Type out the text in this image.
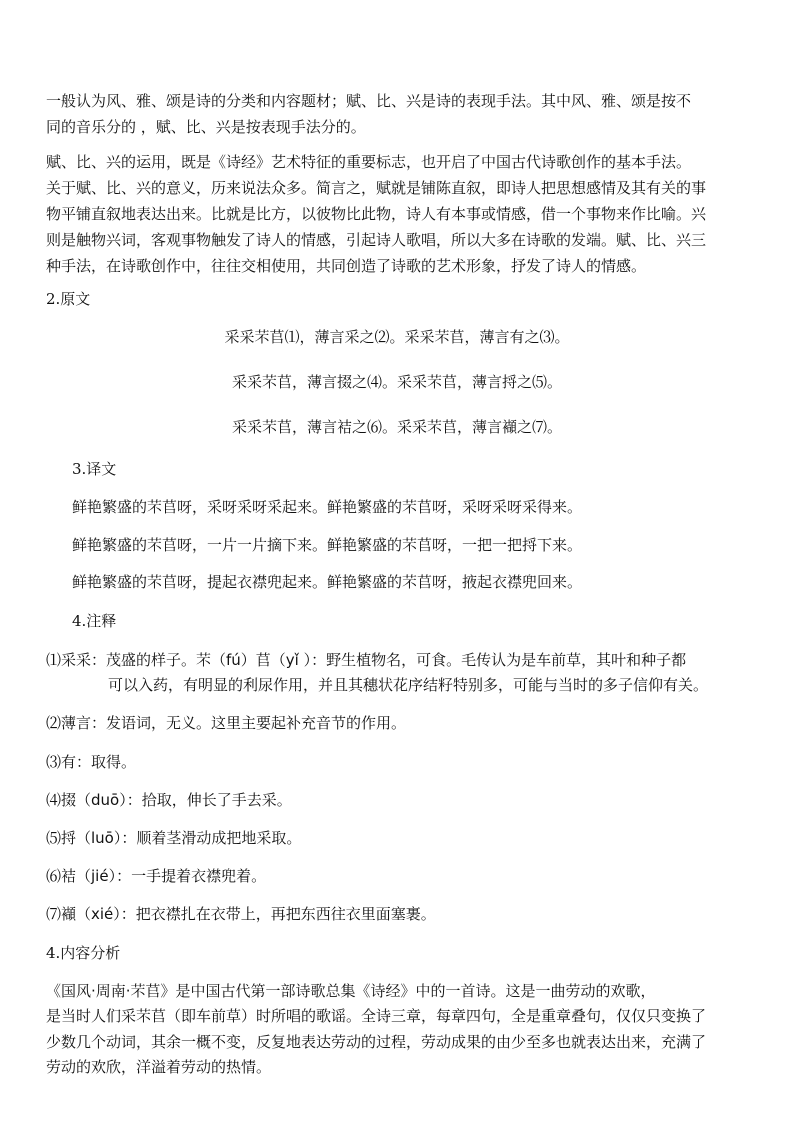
一般认为风、雅、颂是诗的分类和内容题材；赋、比、兴是诗的表现手法。其中风、雅、颂是按不
同的音乐分的 ，赋、比、兴是按表现手法分的。
赋、比、兴的运用，既是《诗经》艺术特征的重要标志，也开启了中国古代诗歌创作的基本手法。
关于赋、比、兴的意义，历来说法众多。简言之，赋就是铺陈直叙，即诗人把思想感情及其有关的事
物平铺直叙地表达出来。比就是比方，以彼物比此物，诗人有本事或情感，借一个事物来作比喻。兴
则是触物兴词，客观事物触发了诗人的情感，引起诗人歌唱，所以大多在诗歌的发端。赋、比、兴三
种手法，在诗歌创作中，往往交相使用，共同创造了诗歌的艺术形象，抒发了诗人的情感。
2.原文
采采芣苢⑴，薄言采之⑵。采采芣苢，薄言有之⑶。
采采芣苢，薄言掇之⑷。采采芣苢，薄言捋之⑸。
采采芣苢，薄言袺之⑹。采采芣苢，薄言襭之⑺。
3.译文
鲜艳繁盛的芣苢呀，采呀采呀采起来。鲜艳繁盛的芣苢呀，采呀采呀采得来。
鲜艳繁盛的芣苢呀，一片一片摘下来。鲜艳繁盛的芣苢呀，一把一把捋下来。
鲜艳繁盛的芣苢呀，提起衣襟兜起来。鲜艳繁盛的芣苢呀，掖起衣襟兜回来。
4.注释
⑴采采：茂盛的样子。芣（fú）苢（yǐ ）：野生植物名，可食。毛传认为是车前草，其叶和种子都
可以入药，有明显的利尿作用，并且其穗状花序结籽特别多，可能与当时的多子信仰有关。
⑵薄言：发语词，无义。这里主要起补充音节的作用。
⑶有：取得。
⑷掇（duō）：拾取，伸长了手去采。
⑸捋（luō）：顺着茎滑动成把地采取。
⑹袺（jié）：一手提着衣襟兜着。
⑺襭（xié）：把衣襟扎在衣带上，再把东西往衣里面塞裹。
4.内容分析
《国风·周南·芣苢》是中国古代第一部诗歌总集《诗经》中的一首诗。这是一曲劳动的欢歌，
是当时人们采芣苢（即车前草）时所唱的歌谣。全诗三章，每章四句，全是重章叠句，仅仅只变换了
少数几个动词，其余一概不变，反复地表达劳动的过程，劳动成果的由少至多也就表达出来，充满了
劳动的欢欣，洋溢着劳动的热情。
